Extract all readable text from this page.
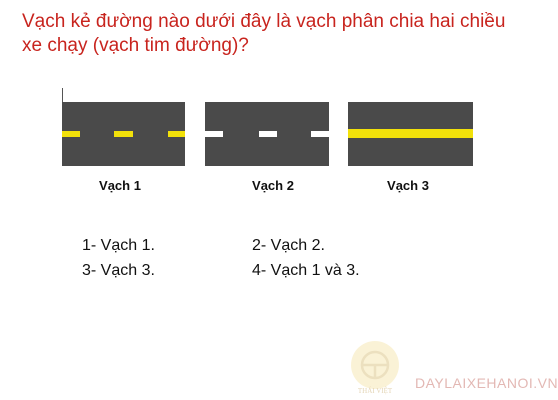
Vạch kẻ đường nào dưới đây là vạch phân chia hai chiều xe chạy (vạch tim đường)?
Vạch 1	Vạch 2	Vạch 3
1- Vạch 1.	2- Vạch 2.
3- Vạch 3.	4- Vạch 1 và 3.
THÁI VIỆT DAYLAIXEHANOI.VN
